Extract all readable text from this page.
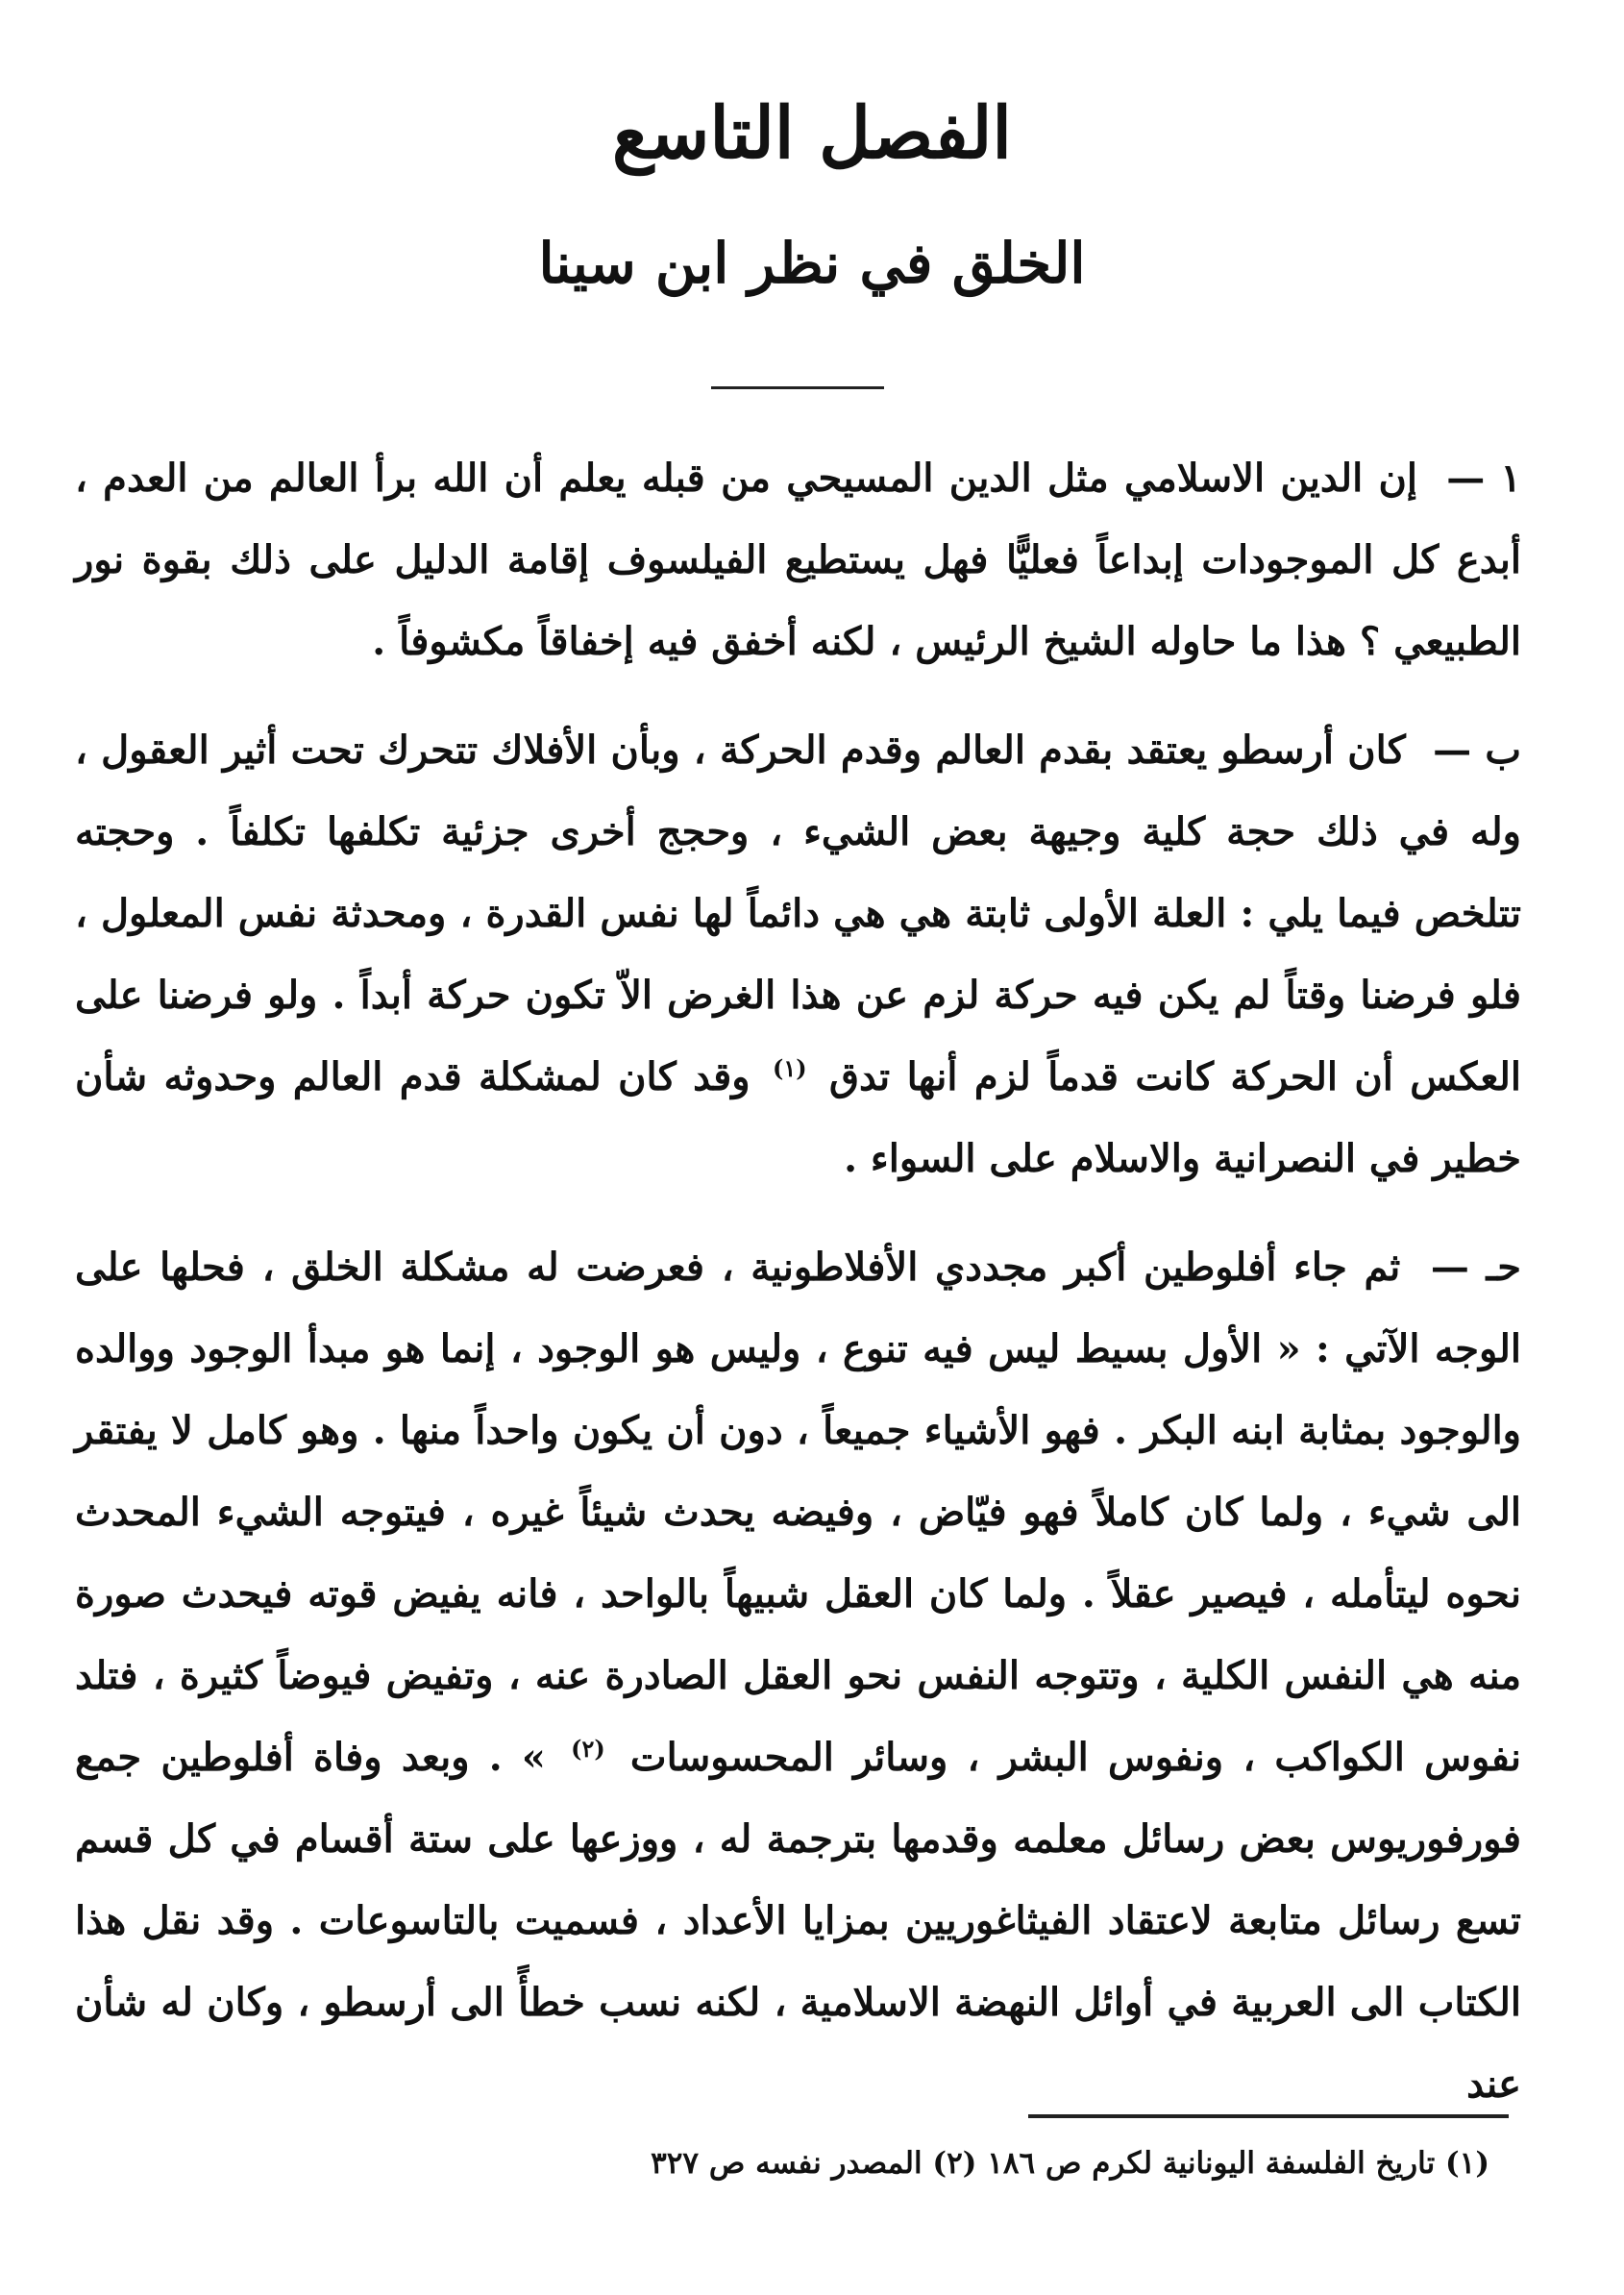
الفصل التاسع
الخلق في نظر ابن سينا

١ — إن الدين الاسلامي مثل الدين المسيحي من قبله يعلم أن الله برأ العالم من العدم ، أبدع كل الموجودات إبداعاً فعليًّا فهل يستطيع الفيلسوف إقامة الدليل على ذلك بقوة نور الطبيعي ؟ هذا ما حاوله الشيخ الرئيس ، لكنه أخفق فيه إخفاقاً مكشوفاً .

ب — كان أرسطو يعتقد بقدم العالم وقدم الحركة ، وبأن الأفلاك تتحرك تحت أثير العقول ، وله في ذلك حجة كلية وجيهة بعض الشيء ، وحجج أخرى جزئية تكلفها تكلفاً . وحجته تتلخص فيما يلي : العلة الأولى ثابتة هي هي دائماً لها نفس القدرة ، ومحدثة نفس المعلول ، فلو فرضنا وقتاً لم يكن فيه حركة لزم عن هذا الغرض الاّ تكون حركة أبداً . ولو فرضنا على العكس أن الحركة كانت قدماً لزم أنها تدق $^{(١)}$ وقد كان لمشكلة قدم العالم وحدوثه شأن خطير في النصرانية والاسلام على السواء .

حـ — ثم جاء أفلوطين أكبر مجددي الأفلاطونية ، فعرضت له مشكلة الخلق ، فحلها على الوجه الآتي : « الأول بسيط ليس فيه تنوع ، وليس هو الوجود ، إنما هو مبدأ الوجود ووالده والوجود بمثابة ابنه البكر . فهو الأشياء جميعاً ، دون أن يكون واحداً منها . وهو كامل لا يفتقر الى شيء ، ولما كان كاملاً فهو فيّاض ، وفيضه يحدث شيئاً غيره ، فيتوجه الشيء المحدث نحوه ليتأمله ، فيصير عقلاً . ولما كان العقل شبيهاً بالواحد ، فانه يفيض قوته فيحدث صورة منه هي النفس الكلية ، وتتوجه النفس نحو العقل الصادرة عنه ، وتفيض فيوضاً كثيرة ، فتلد نفوس الكواكب ، ونفوس البشر ، وسائر المحسوسات $^{(٢)}$ » . وبعد وفاة أفلوطين جمع فورفوريوس بعض رسائل معلمه وقدمها بترجمة له ، ووزعها على ستة أقسام في كل قسم تسع رسائل متابعة لاعتقاد الفيثاغوريين بمزايا الأعداد ، فسميت بالتاسوعات . وقد نقل هذا الكتاب الى العربية في أوائل النهضة الاسلامية ، لكنه نسب خطأً الى أرسطو ، وكان له شأن عند

(١) تاريخ الفلسفة اليونانية لكرم ص ١٨٦ (٢) المصدر نفسه ص ٣٢٧
